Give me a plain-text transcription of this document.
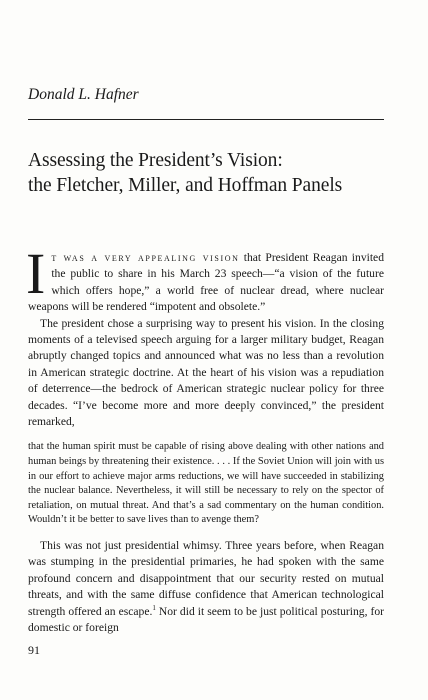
Donald L. Hafner
Assessing the President’s Vision:
the Fletcher, Miller, and Hoffman Panels

It was a very appealing vision that President Reagan invited the public to share in his March 23 speech—“a vision of the future which offers hope,” a world free of nuclear dread, where nuclear weapons will be rendered “impotent and obsolete.”

The president chose a surprising way to present his vision. In the closing moments of a televised speech arguing for a larger military budget, Reagan abruptly changed topics and announced what was no less than a revolution in American strategic doctrine. At the heart of his vision was a repudiation of deterrence—the bedrock of American strategic nuclear policy for three decades. “I’ve become more and more deeply convinced,” the president remarked,

that the human spirit must be capable of rising above dealing with other nations and human beings by threatening their existence. . . . If the Soviet Union will join with us in our effort to achieve major arms reductions, we will have succeeded in stabilizing the nuclear balance. Nevertheless, it will still be necessary to rely on the spector of retaliation, on mutual threat. And that’s a sad commentary on the human condition. Wouldn’t it be better to save lives than to avenge them?

This was not just presidential whimsy. Three years before, when Reagan was stumping in the presidential primaries, he had spoken with the same profound concern and disappointment that our security rested on mutual threats, and with the same diffuse confidence that American technological strength offered an escape.$^1$ Nor did it seem to be just political posturing, for domestic or foreign

91
